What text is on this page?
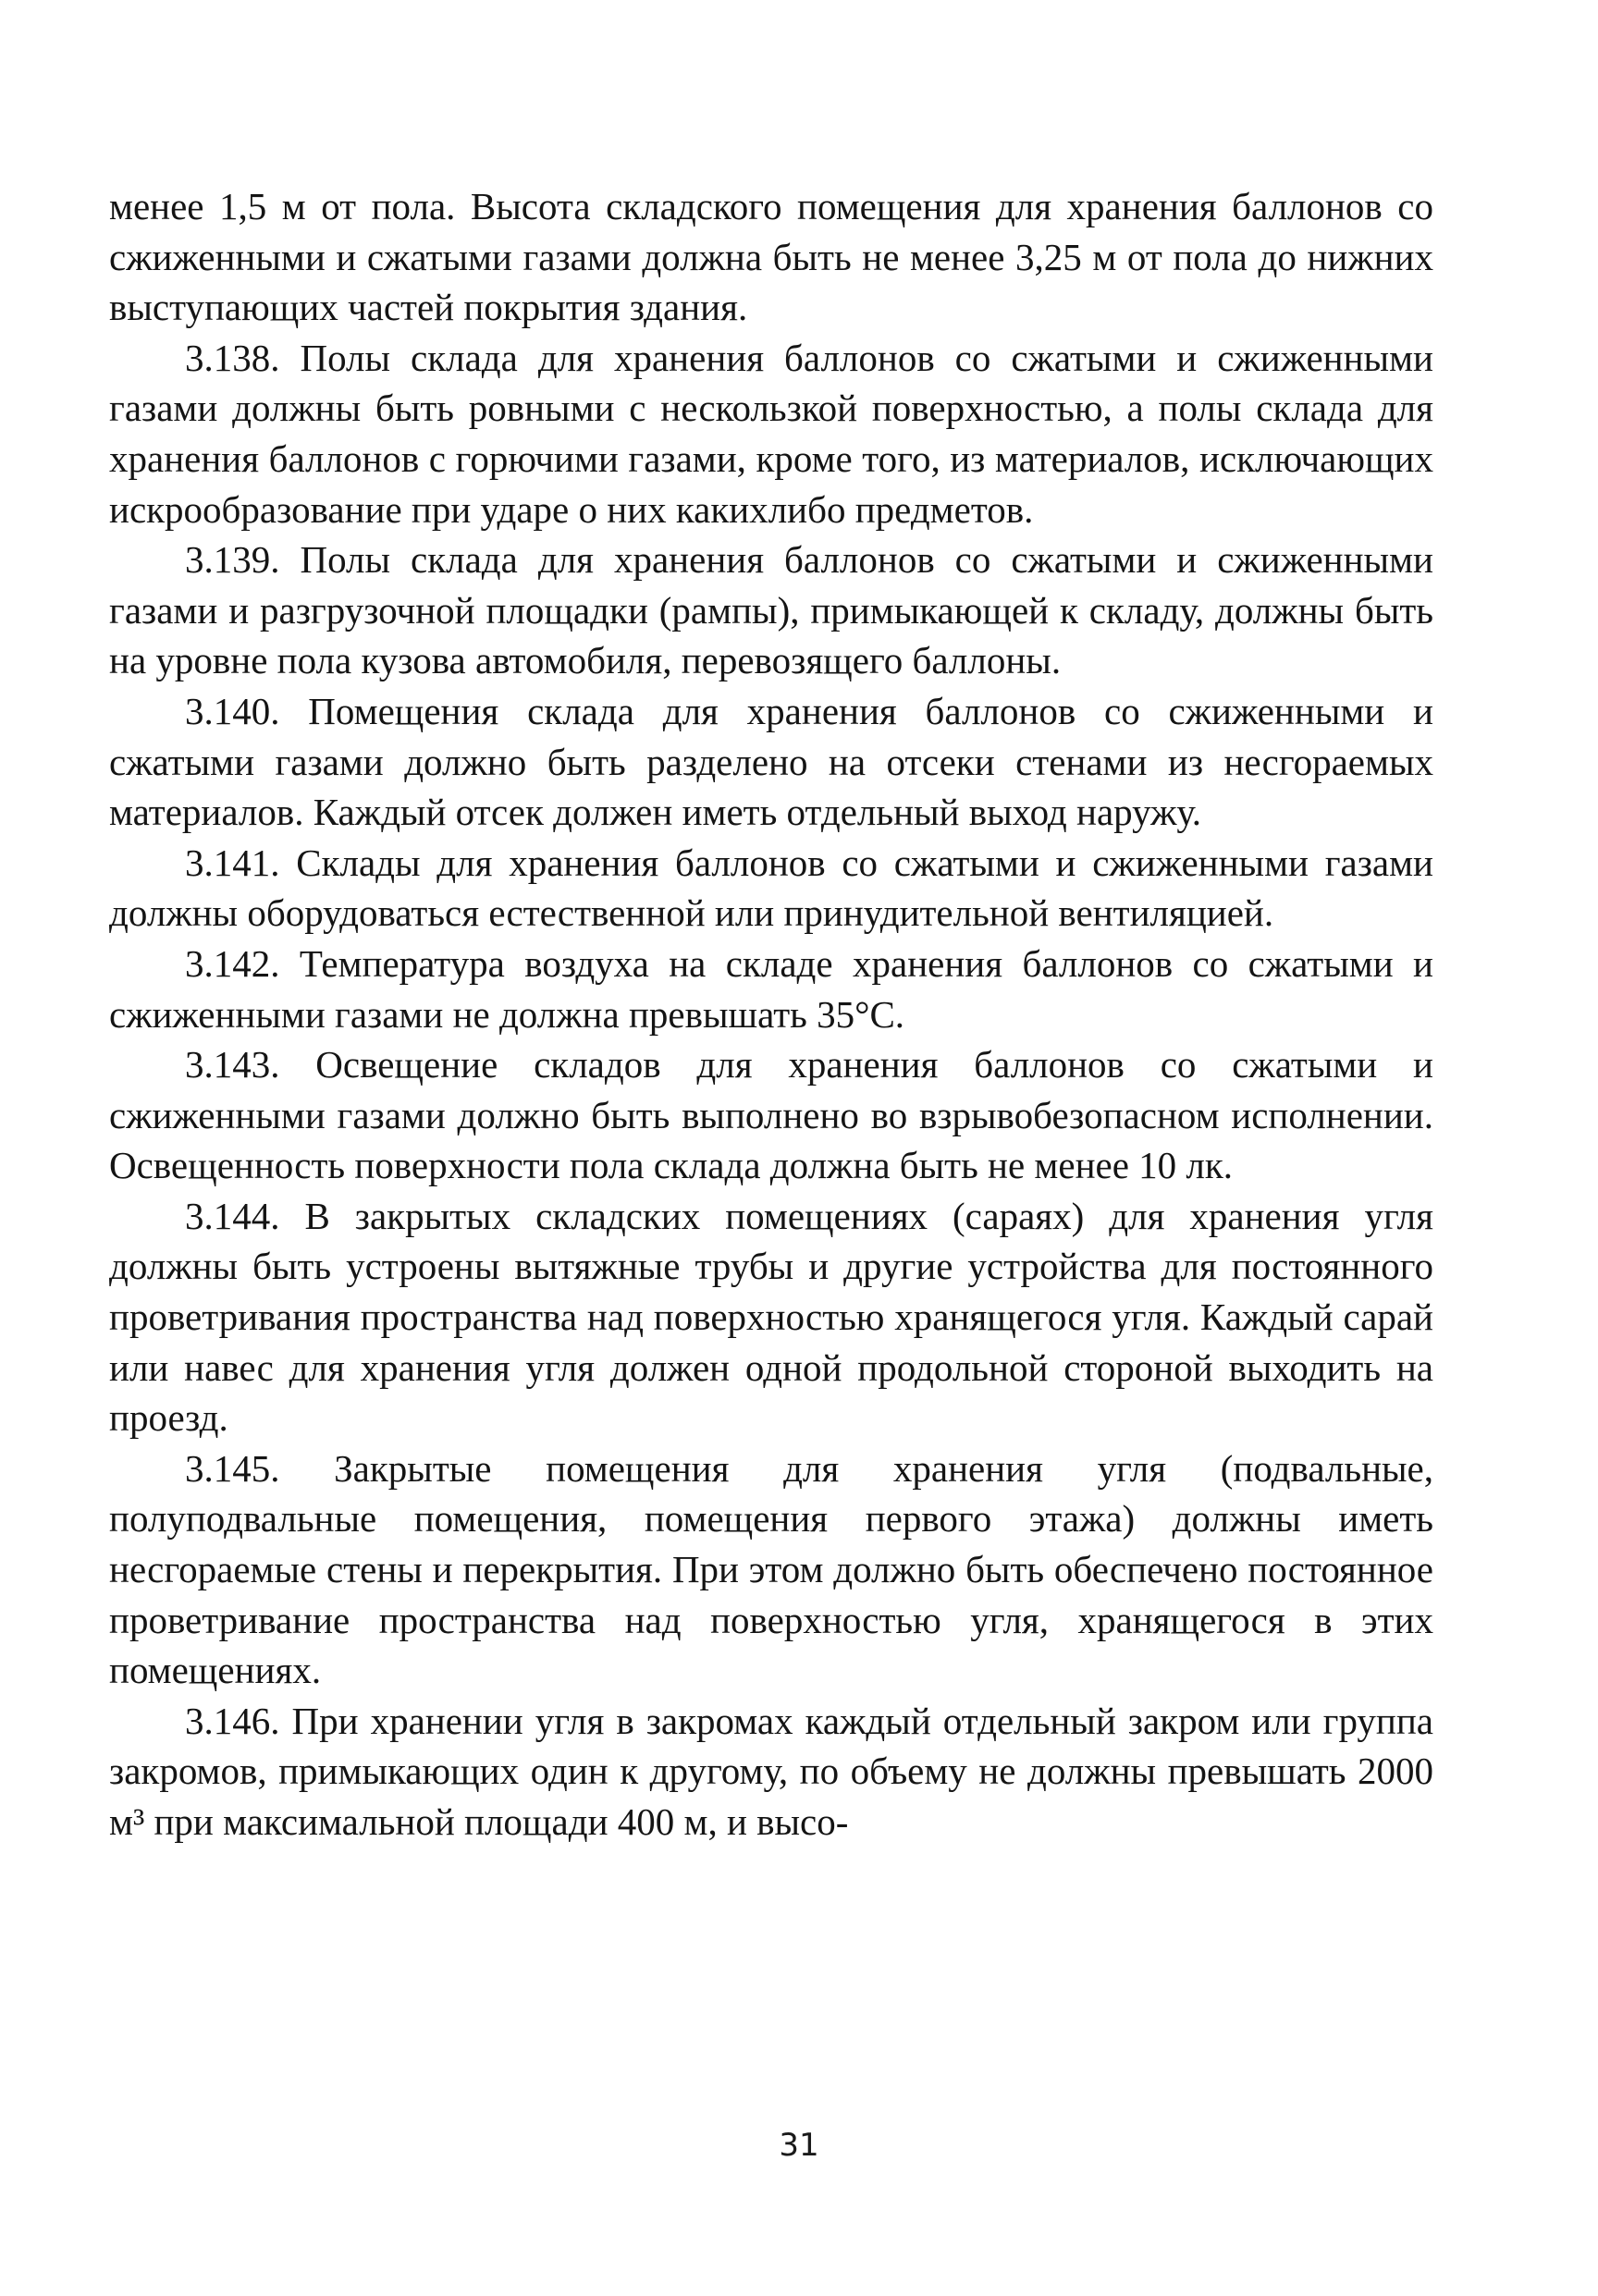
менее 1,5 м от пола. Высота складского помещения для хранения баллонов со сжиженными и сжатыми газами должна быть не менее 3,25 м от пола до нижних выступающих частей покрытия здания.

3.138. Полы склада для хранения баллонов со сжатыми и сжиженными газами должны быть ровными с нескользкой поверхностью, а полы склада для хранения баллонов с горючими газами, кроме того, из материалов, исключающих искрообразование при ударе о них какихлибо предметов.

3.139. Полы склада для хранения баллонов со сжатыми и сжиженными газами и разгрузочной площадки (рампы), примыкающей к складу, должны быть на уровне пола кузова автомобиля, перевозящего баллоны.

3.140. Помещения склада для хранения баллонов со сжиженными и сжатыми газами должно быть разделено на отсеки стенами из несгораемых материалов. Каждый отсек должен иметь отдельный выход наружу.

3.141. Склады для хранения баллонов со сжатыми и сжиженными газами должны оборудоваться естественной или принудительной вентиляцией.

3.142. Температура воздуха на складе хранения баллонов со сжатыми и сжиженными газами не должна превышать 35°С.

3.143. Освещение складов для хранения баллонов со сжатыми и сжиженными газами должно быть выполнено во взрывобезопасном исполнении. Освещенность поверхности пола склада должна быть не менее 10 лк.

3.144. В закрытых складских помещениях (сараях) для хранения угля должны быть устроены вытяжные трубы и другие устройства для постоянного проветривания пространства над поверхностью хранящегося угля. Каждый сарай или навес для хранения угля должен одной продольной стороной выходить на проезд.

3.145. Закрытые помещения для хранения угля (подвальные, полуподвальные помещения, помещения первого этажа) должны иметь несгораемые стены и перекрытия. При этом должно быть обеспечено постоянное проветривание пространства над поверхностью угля, хранящегося в этих помещениях.

3.146. При хранении угля в закромах каждый отдельный закром или группа закромов, примыкающих один к другому, по объему не должны превышать 2000 м³ при максимальной площади 400 м, и высо-

31
